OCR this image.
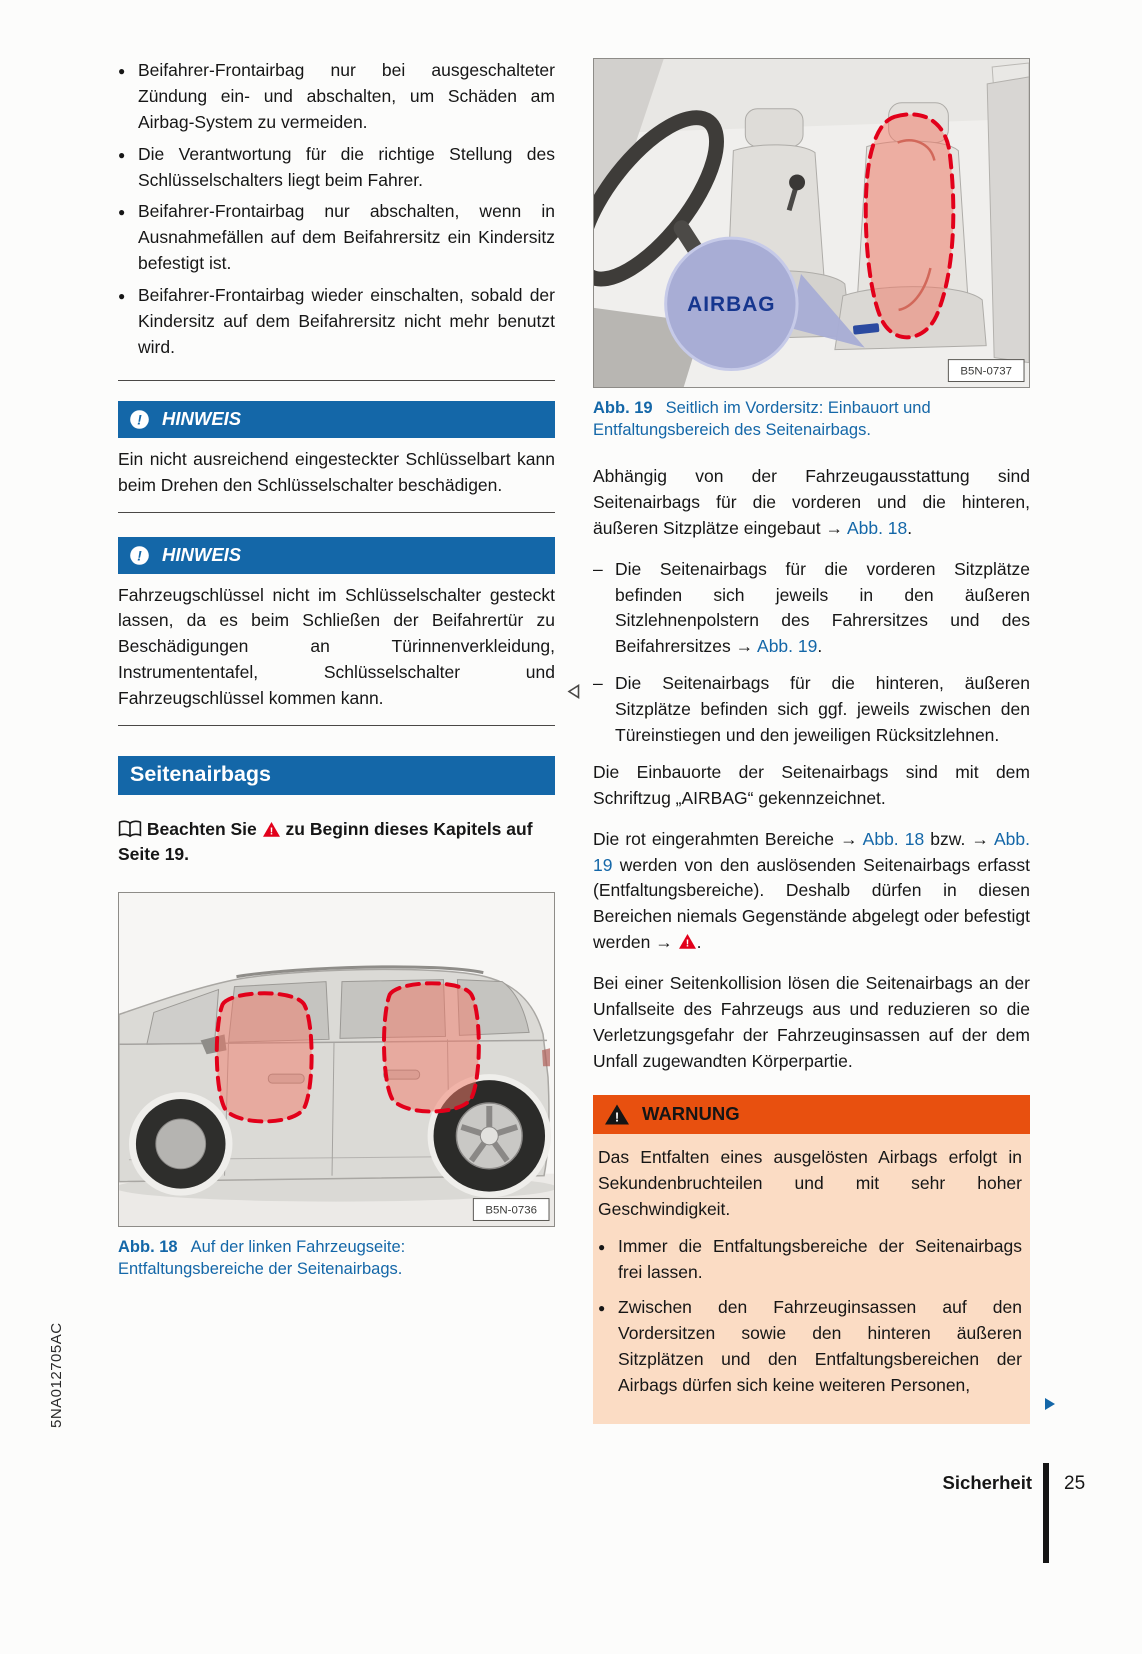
5NA012705AC
● Beifahrer-Frontairbag nur bei ausgeschalteter Zündung ein- und abschalten, um Schäden am Airbag-System zu vermeiden.
● Die Verantwortung für die richtige Stellung des Schlüsselschalters liegt beim Fahrer.
● Beifahrer-Frontairbag nur abschalten, wenn in Ausnahmefällen auf dem Beifahrersitz ein Kindersitz befestigt ist.
● Beifahrer-Frontairbag wieder einschalten, sobald der Kindersitz auf dem Beifahrersitz nicht mehr benutzt wird.
! HINWEIS

Ein nicht ausreichend eingesteckter Schlüsselbart kann beim Drehen den Schlüsselschalter beschädigen.

! HINWEIS

Fahrzeugschlüssel nicht im Schlüsselschalter gesteckt lassen, da es beim Schließen der Beifahrertür zu Beschädigungen an Türinnenverkleidung, Instrumententafel, Schlüsselschalter und Fahrzeugschlüssel kommen kann.

Seitenairbags

Beachten Sie ! zu Beginn dieses Kapitels auf Seite 19.

B5N-0736

Abb. 18 Auf der linken Fahrzeugseite: Entfaltungsbereiche der Seitenairbags.

AIRBAG
B5N-0737

Abb. 19 Seitlich im Vordersitz: Einbauort und Entfaltungsbereich des Seitenairbags.

Abhängig von der Fahrzeugausstattung sind Seitenairbags für die vorderen und die hinteren, äußeren Sitzplätze eingebaut → Abb. 18.

– Die Seitenairbags für die vorderen Sitzplätze befinden sich jeweils in den äußeren Sitzlehnenpolstern des Fahrersitzes und des Beifahrersitzes → Abb. 19.
– Die Seitenairbags für die hinteren, äußeren Sitzplätze befinden sich ggf. jeweils zwischen den Türeinstiegen und den jeweiligen Rücksitzlehnen.

Die Einbauorte der Seitenairbags sind mit dem Schriftzug „AIRBAG“ gekennzeichnet.

Die rot eingerahmten Bereiche → Abb. 18 bzw. → Abb. 19 werden von den auslösenden Seitenairbags erfasst (Entfaltungsbereiche). Deshalb dürfen in diesen Bereichen niemals Gegenstände abgelegt oder befestigt werden → ! .

Bei einer Seitenkollision lösen die Seitenairbags an der Unfallseite des Fahrzeugs aus und reduzieren so die Verletzungsgefahr der Fahrzeuginsassen auf der dem Unfall zugewandten Körperpartie.

! WARNUNG

Das Entfalten eines ausgelösten Airbags erfolgt in Sekundenbruchteilen und mit sehr hoher Geschwindigkeit.

● Immer die Entfaltungsbereiche der Seitenairbags frei lassen.
● Zwischen den Fahrzeuginsassen auf den Vordersitzen sowie den hinteren äußeren Sitzplätzen und den Entfaltungsbereichen der Airbags dürfen sich keine weiteren Personen,
Sicherheit 25
